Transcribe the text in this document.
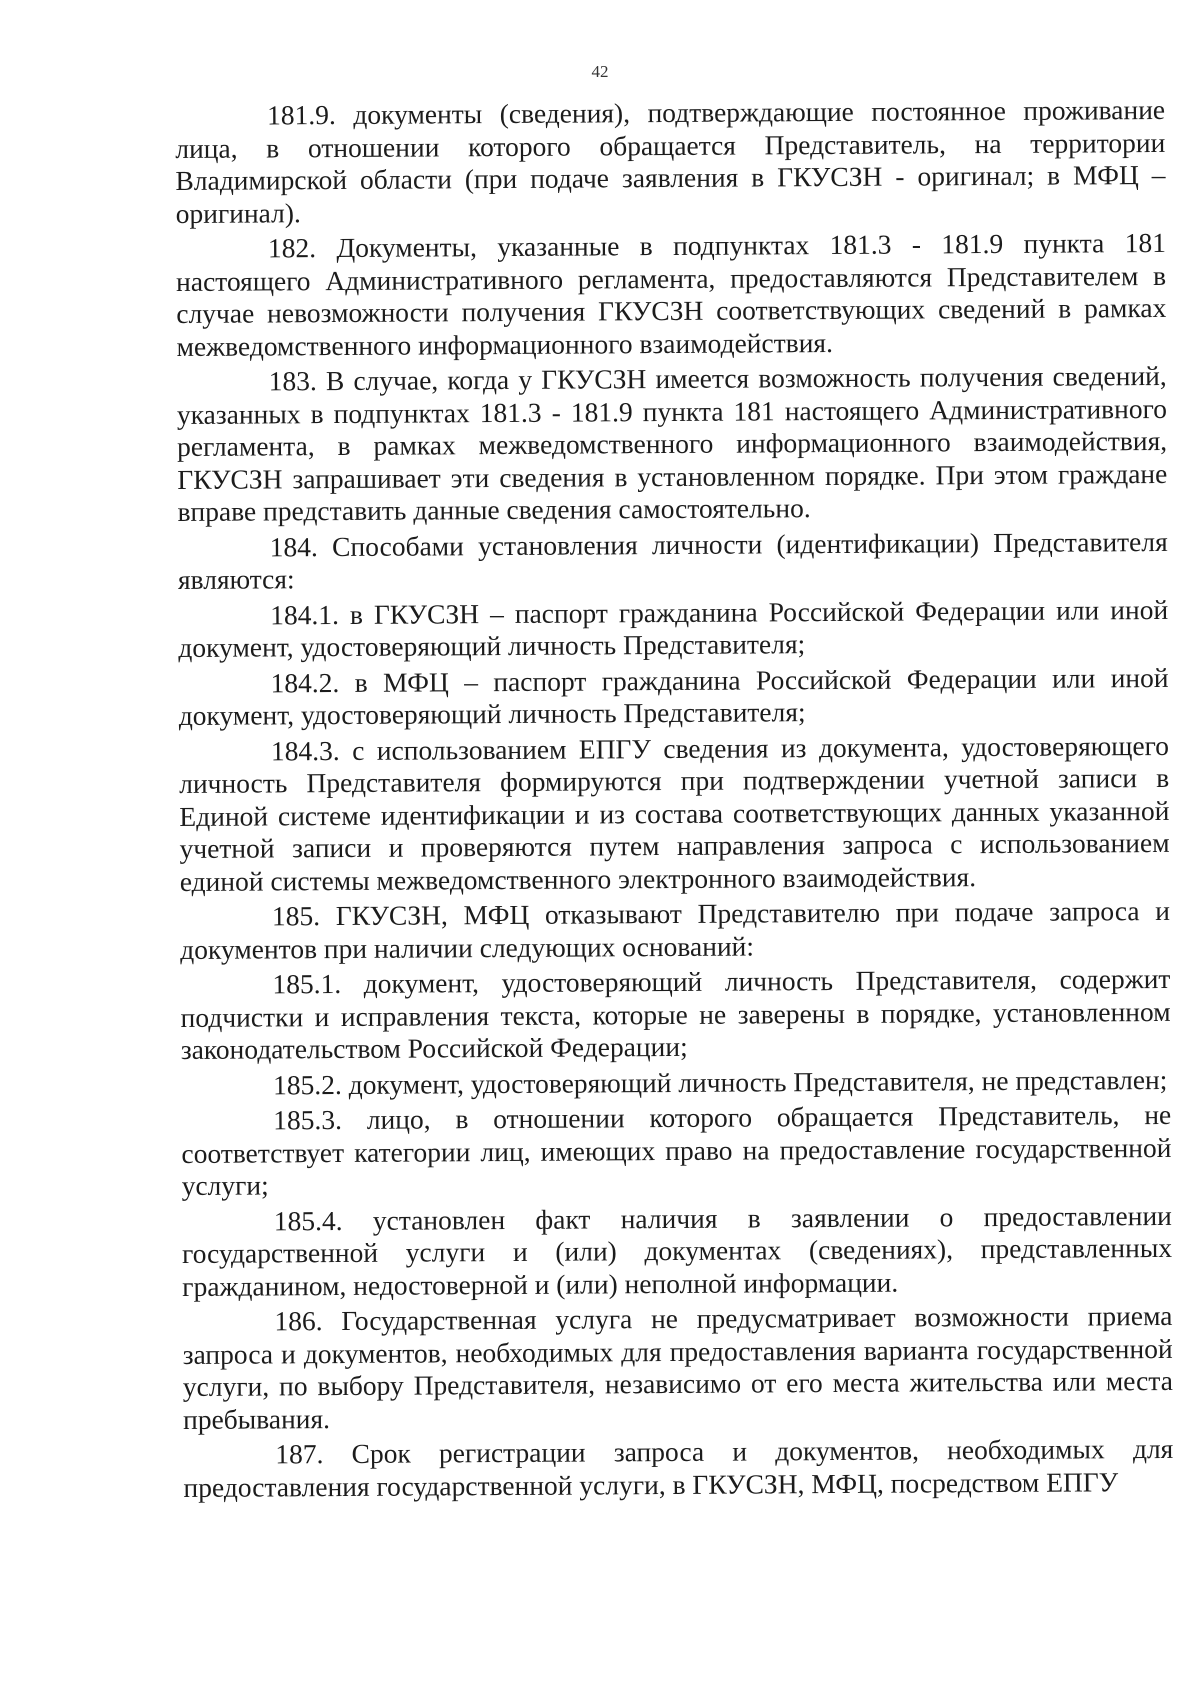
42

181.9. документы (сведения), подтверждающие постоянное проживание лица, в отношении которого обращается Представитель, на территории Владимирской области (при подаче заявления в ГКУСЗН - оригинал; в МФЦ – оригинал).

182. Документы, указанные в подпунктах 181.3 - 181.9 пункта 181 настоящего Административного регламента, предоставляются Представителем в случае невозможности получения ГКУСЗН соответствующих сведений в рамках межведомственного информационного взаимодействия.

183. В случае, когда у ГКУСЗН имеется возможность получения сведений, указанных в подпунктах 181.3 - 181.9 пункта 181 настоящего Административного регламента, в рамках межведомственного информационного взаимодействия, ГКУСЗН запрашивает эти сведения в установленном порядке. При этом граждане вправе представить данные сведения самостоятельно.

184. Способами установления личности (идентификации) Представителя являются:

184.1. в ГКУСЗН – паспорт гражданина Российской Федерации или иной документ, удостоверяющий личность Представителя;

184.2. в МФЦ – паспорт гражданина Российской Федерации или иной документ, удостоверяющий личность Представителя;

184.3. с использованием ЕПГУ сведения из документа, удостоверяющего личность Представителя формируются при подтверждении учетной записи в Единой системе идентификации и из состава соответствующих данных указанной учетной записи и проверяются путем направления запроса с использованием единой системы межведомственного электронного взаимодействия.

185. ГКУСЗН, МФЦ отказывают Представителю при подаче запроса и документов при наличии следующих оснований:

185.1. документ, удостоверяющий личность Представителя, содержит подчистки и исправления текста, которые не заверены в порядке, установленном законодательством Российской Федерации;

185.2. документ, удостоверяющий личность Представителя, не представлен;

185.3. лицо, в отношении которого обращается Представитель, не соответствует категории лиц, имеющих право на предоставление государственной услуги;

185.4. установлен факт наличия в заявлении о предоставлении государственной услуги и (или) документах (сведениях), представленных гражданином, недостоверной и (или) неполной информации.

186. Государственная услуга не предусматривает возможности приема запроса и документов, необходимых для предоставления варианта государственной услуги, по выбору Представителя, независимо от его места жительства или места пребывания.

187. Срок регистрации запроса и документов, необходимых для предоставления государственной услуги, в ГКУСЗН, МФЦ, посредством ЕПГУ
